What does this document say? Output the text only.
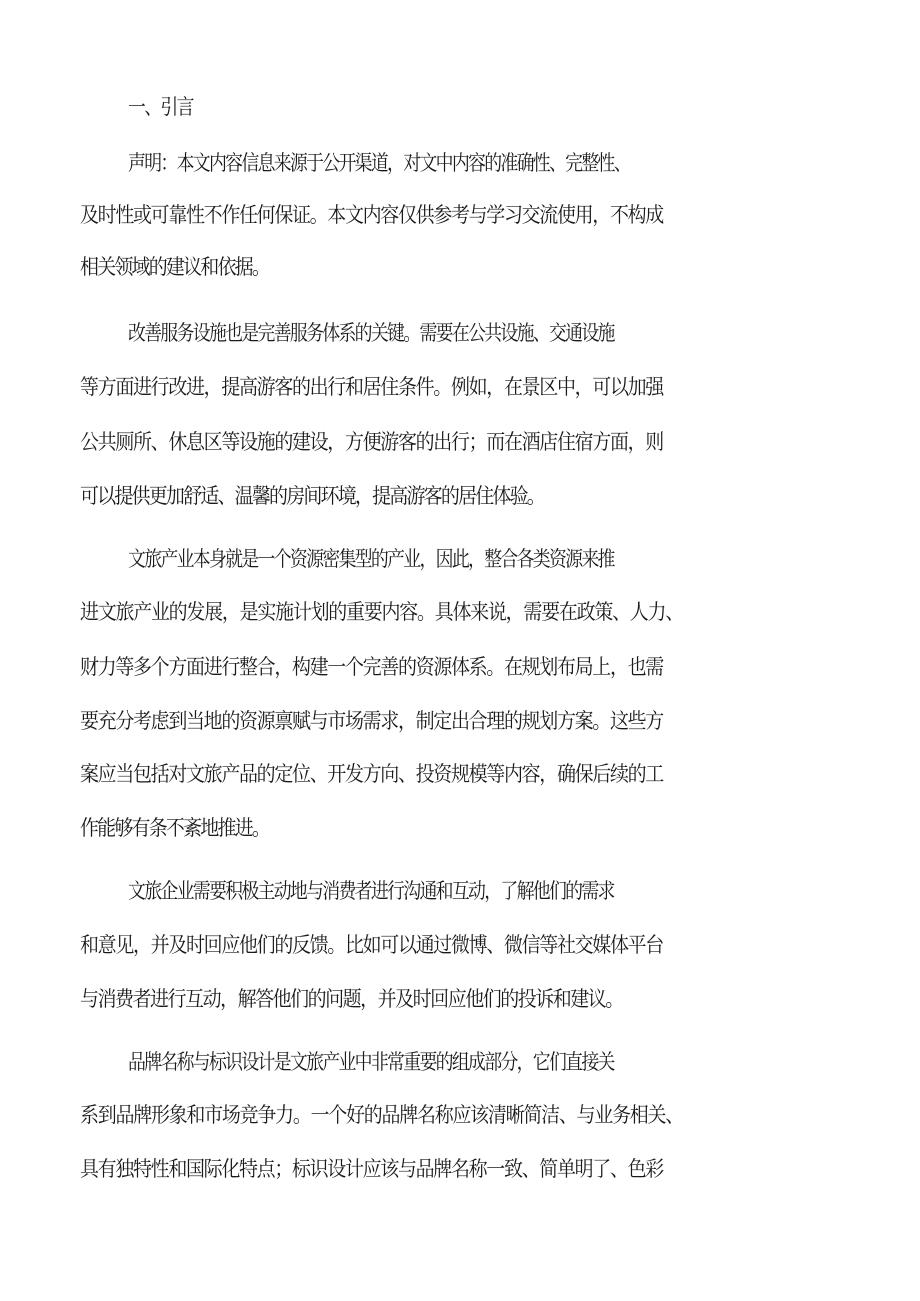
一、引言
声明：本文内容信息来源于公开渠道，对文中内容的准确性、完整性、
及时性或可靠性不作任何保证。本文内容仅供参考与学习交流使用，不构成
相关领域的建议和依据。
改善服务设施也是完善服务体系的关键。需要在公共设施、交通设施
等方面进行改进，提高游客的出行和居住条件。例如，在景区中，可以加强
公共厕所、休息区等设施的建设，方便游客的出行；而在酒店住宿方面，则
可以提供更加舒适、温馨的房间环境，提高游客的居住体验。
文旅产业本身就是一个资源密集型的产业，因此，整合各类资源来推
进文旅产业的发展，是实施计划的重要内容。具体来说，需要在政策、人力、
财力等多个方面进行整合，构建一个完善的资源体系。在规划布局上，也需
要充分考虑到当地的资源禀赋与市场需求，制定出合理的规划方案。这些方
案应当包括对文旅产品的定位、开发方向、投资规模等内容，确保后续的工
作能够有条不紊地推进。
文旅企业需要积极主动地与消费者进行沟通和互动，了解他们的需求
和意见，并及时回应他们的反馈。比如可以通过微博、微信等社交媒体平台
与消费者进行互动，解答他们的问题，并及时回应他们的投诉和建议。
品牌名称与标识设计是文旅产业中非常重要的组成部分，它们直接关
系到品牌形象和市场竞争力。一个好的品牌名称应该清晰简洁、与业务相关、
具有独特性和国际化特点；标识设计应该与品牌名称一致、简单明了、色彩
